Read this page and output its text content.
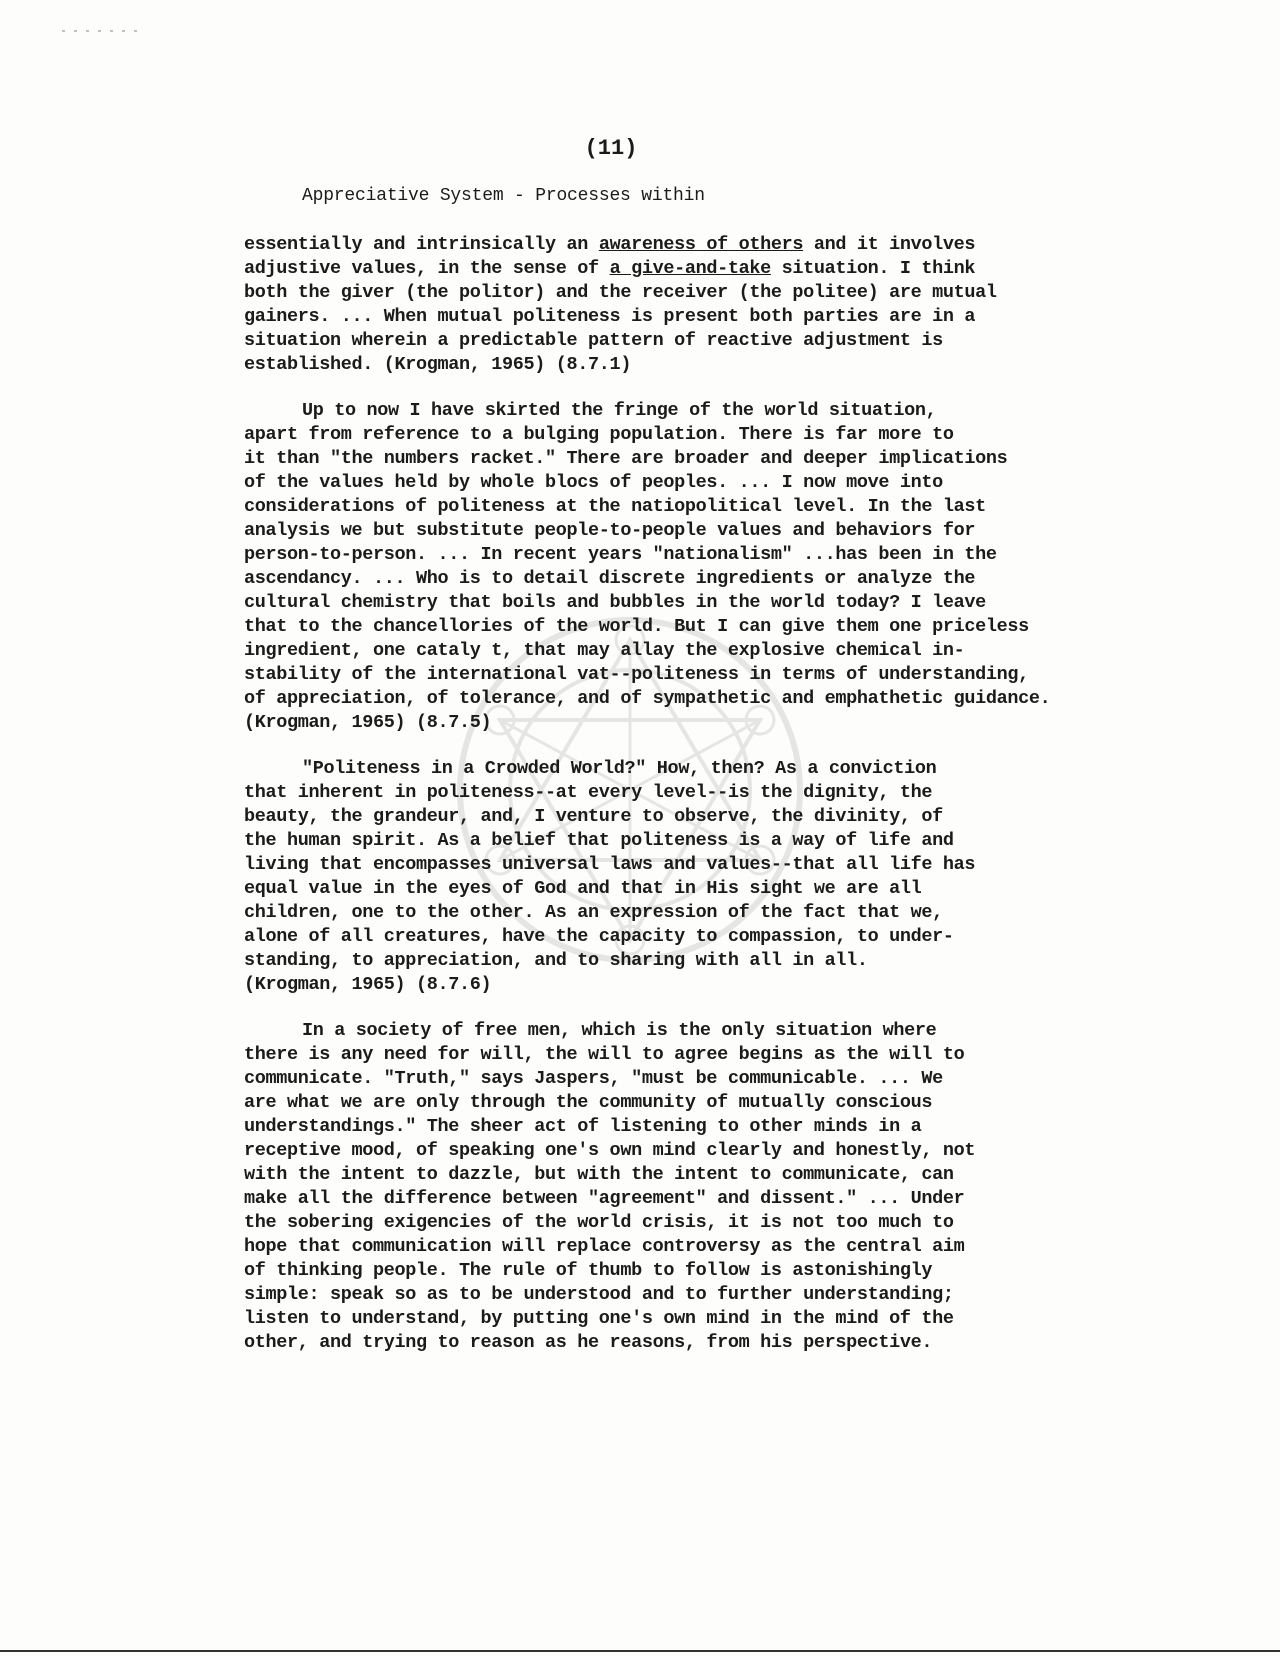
(11)
Appreciative System - Processes within

essentially and intrinsically an awareness of others and it involves
adjustive values, in the sense of a give-and-take situation. I think
both the giver (the politor) and the receiver (the politee) are mutual
gainers. ... When mutual politeness is present both parties are in a
situation wherein a predictable pattern of reactive adjustment is
established. (Krogman, 1965) (8.7.1)

Up to now I have skirted the fringe of the world situation,
apart from reference to a bulging population. There is far more to
it than "the numbers racket." There are broader and deeper implications
of the values held by whole blocs of peoples. ... I now move into
considerations of politeness at the natiopolitical level. In the last
analysis we but substitute people-to-people values and behaviors for
person-to-person. ... In recent years "nationalism" ...has been in the
ascendancy. ... Who is to detail discrete ingredients or analyze the
cultural chemistry that boils and bubbles in the world today? I leave
that to the chancellories of the world. But I can give them one priceless
ingredient, one cataly t, that may allay the explosive chemical in-
stability of the international vat--politeness in terms of understanding,
of appreciation, of tolerance, and of sympathetic and emphathetic guidance.
(Krogman, 1965) (8.7.5)

"Politeness in a Crowded World?" How, then? As a conviction
that inherent in politeness--at every level--is the dignity, the
beauty, the grandeur, and, I venture to observe, the divinity, of
the human spirit. As a belief that politeness is a way of life and
living that encompasses universal laws and values--that all life has
equal value in the eyes of God and that in His sight we are all
children, one to the other. As an expression of the fact that we,
alone of all creatures, have the capacity to compassion, to under-
standing, to appreciation, and to sharing with all in all.
(Krogman, 1965) (8.7.6)

In a society of free men, which is the only situation where
there is any need for will, the will to agree begins as the will to
communicate. "Truth," says Jaspers, "must be communicable. ... We
are what we are only through the community of mutually conscious
understandings." The sheer act of listening to other minds in a
receptive mood, of speaking one's own mind clearly and honestly, not
with the intent to dazzle, but with the intent to communicate, can
make all the difference between "agreement" and dissent." ... Under
the sobering exigencies of the world crisis, it is not too much to
hope that communication will replace controversy as the central aim
of thinking people. The rule of thumb to follow is astonishingly
simple: speak so as to be understood and to further understanding;
listen to understand, by putting one's own mind in the mind of the
other, and trying to reason as he reasons, from his perspective.
